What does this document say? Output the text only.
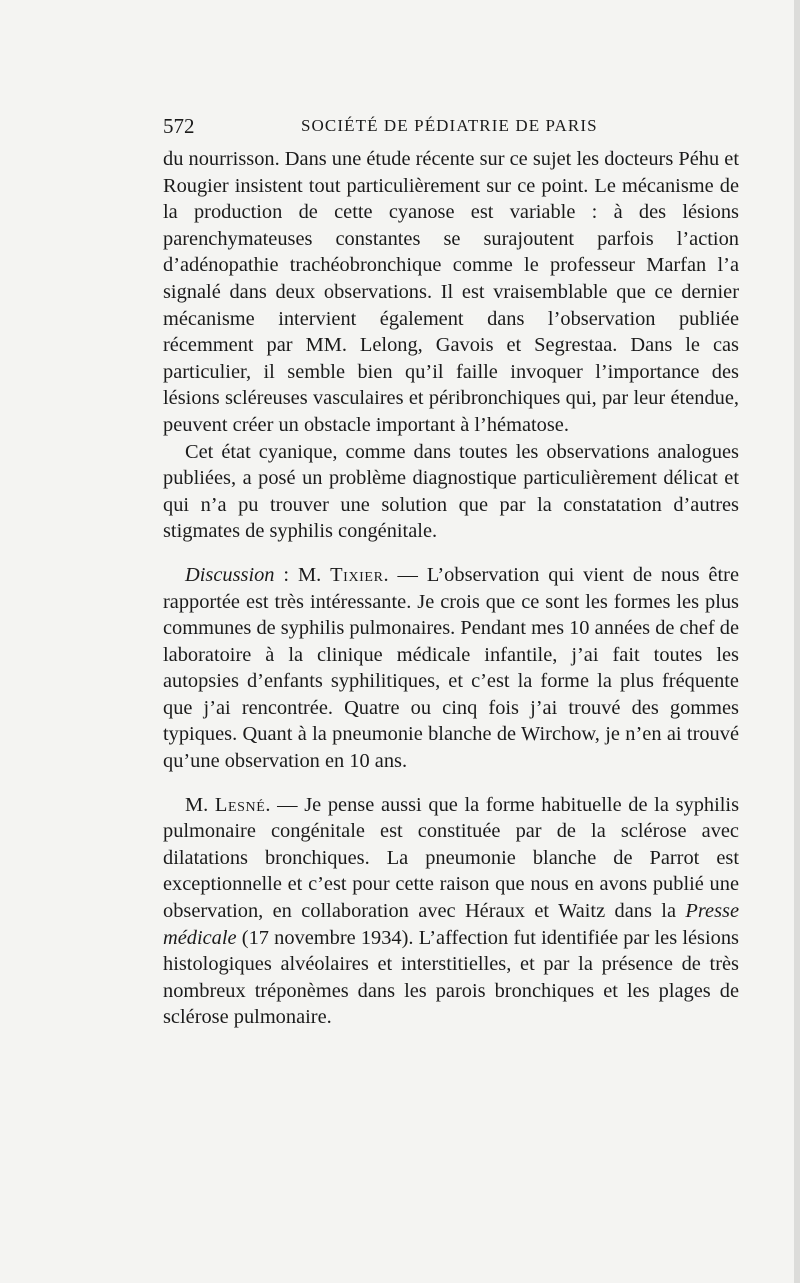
572	SOCIÉTÉ DE PÉDIATRIE DE PARIS

du nourrisson. Dans une étude récente sur ce sujet les docteurs Péhu et Rougier insistent tout particulièrement sur ce point. Le mécanisme de la production de cette cyanose est variable : à des lésions parenchymateuses constantes se surajoutent parfois l’action d’adénopathie trachéobronchique comme le professeur Marfan l’a signalé dans deux observations. Il est vraisemblable que ce dernier mécanisme intervient également dans l’observation publiée récemment par MM. Lelong, Gavois et Segrestaa. Dans le cas particulier, il semble bien qu’il faille invoquer l’importance des lésions scléreuses vasculaires et péribronchiques qui, par leur étendue, peuvent créer un obstacle important à l’hématose.

Cet état cyanique, comme dans toutes les observations analogues publiées, a posé un problème diagnostique particulièrement délicat et qui n’a pu trouver une solution que par la constatation d’autres stigmates de syphilis congénitale.

Discussion : M. Tixier. — L’observation qui vient de nous être rapportée est très intéressante. Je crois que ce sont les formes les plus communes de syphilis pulmonaires. Pendant mes 10 années de chef de laboratoire à la clinique médicale infantile, j’ai fait toutes les autopsies d’enfants syphilitiques, et c’est la forme la plus fréquente que j’ai rencontrée. Quatre ou cinq fois j’ai trouvé des gommes typiques. Quant à la pneumonie blanche de Wirchow, je n’en ai trouvé qu’une observation en 10 ans.

M. Lesné. — Je pense aussi que la forme habituelle de la syphilis pulmonaire congénitale est constituée par de la sclérose avec dilatations bronchiques. La pneumonie blanche de Parrot est exceptionnelle et c’est pour cette raison que nous en avons publié une observation, en collaboration avec Héraux et Waitz dans la Presse médicale (17 novembre 1934). L’affection fut identifiée par les lésions histologiques alvéolaires et interstitielles, et par la présence de très nombreux tréponèmes dans les parois bronchiques et les plages de sclérose pulmonaire.
